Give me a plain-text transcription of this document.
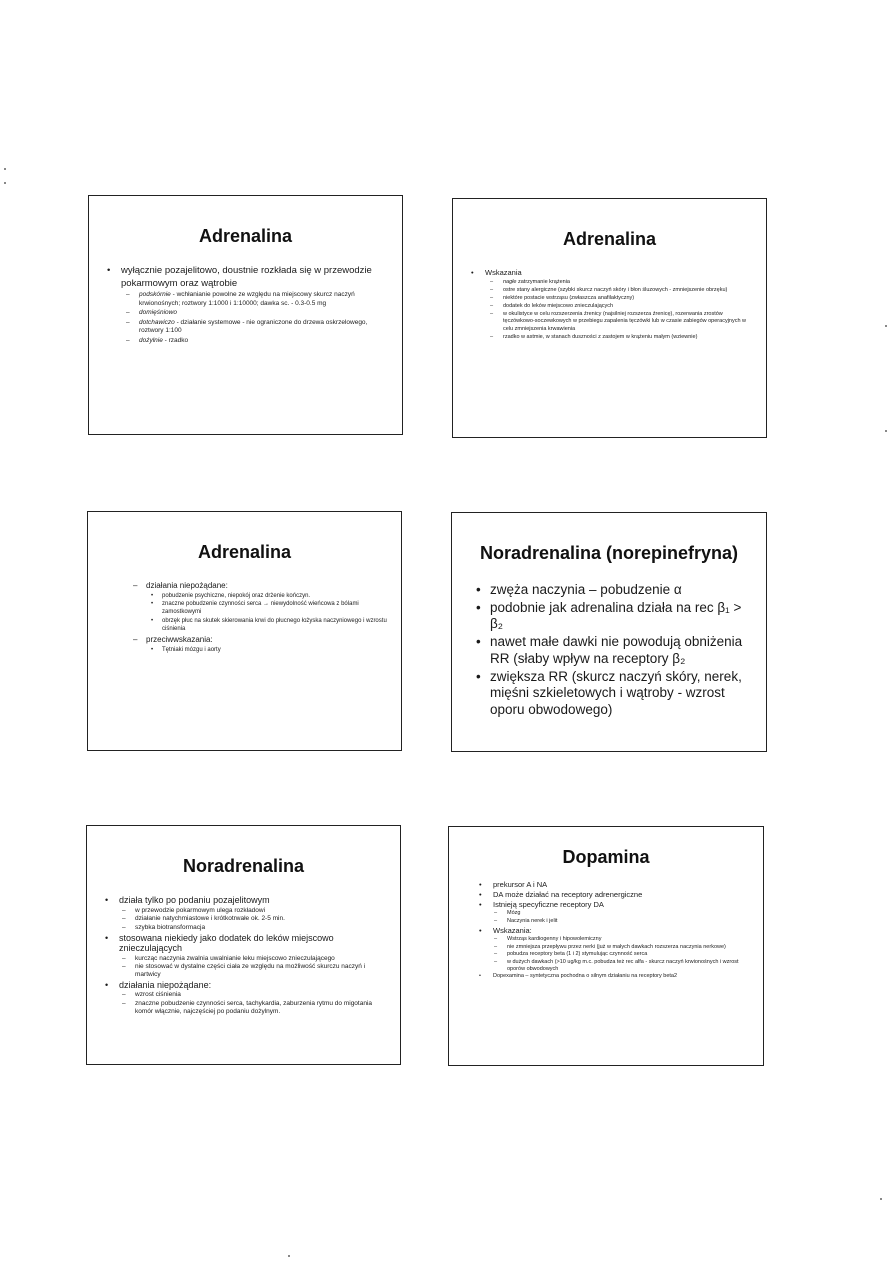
Adrenalina
• wyłącznie pozajelitowo, doustnie rozkłada się w przewodzie pokarmowym oraz wątrobie
– podskórnie - wchłanianie powolne ze względu na miejscowy skurcz naczyń krwionośnych; roztwory 1:1000 i 1:10000; dawka sc. - 0.3-0.5 mg
– domięśniowo
– dotchawiczo - działanie systemowe - nie ograniczone do drzewa oskrzelowego, roztwory 1:100
– dożylnie - rzadko
Adrenalina
• Wskazania
– nagłe zatrzymanie krążenia
– ostre stany alergiczne (szybki skurcz naczyń skóry i błon śluzowych - zmniejszenie obrzęku)
– niektóre postacie wstrząsu (zwłaszcza anafilaktyczny)
– dodatek do leków miejscowo znieczulających
– w okulistyce w celu rozszerzenia źrenicy (najsilniej rozszerza źrenicę), rozerwania zrostów tęczówkowo-soczewkowych w przebiegu zapalenia tęczówki lub w czasie zabiegów operacyjnych w celu zmniejszenia krwawienia
– rzadko w astmie, w stanach duszności z zastojem w krążeniu małym (wziewnie)
Adrenalina
– działania niepożądane:
• pobudzenie psychiczne, niepokój oraz drżenie kończyn.
• znaczne pobudzenie czynności serca → niewydolność wieńcowa z bólami zamostkowymi
• obrzęk płuc na skutek skierowania krwi do płucnego łożyska naczyniowego i wzrostu ciśnienia
– przeciwwskazania:
• Tętniaki mózgu i aorty
Noradrenalina (norepinefryna)
• zwęża naczynia – pobudzenie α
• podobnie jak adrenalina działa na rec β₁ > β₂
• nawet małe dawki nie powodują obniżenia RR (słaby wpływ na receptory β₂
• zwiększa RR (skurcz naczyń skóry, nerek, mięśni szkieletowych i wątroby - wzrost oporu obwodowego)
Noradrenalina
• działa tylko po podaniu pozajelitowym
– w przewodzie pokarmowym ulega rozkładowi
– działanie natychmiastowe i krótkotrwałe ok. 2-5 min.
– szybka biotransformacja
• stosowana niekiedy jako dodatek do leków miejscowo znieczulających
– kurcząc naczynia zwalnia uwalnianie leku miejscowo znieczulającego
– nie stosować w dystalne części ciała ze względu na możliwość skurczu naczyń i martwicy
• działania niepożądane:
– wzrost ciśnienia
– znaczne pobudzenie czynności serca, tachykardia, zaburzenia rytmu do migotania komór włącznie, najczęściej po podaniu dożylnym.
Dopamina
• prekursor A i NA
• DA może działać na receptory adrenergiczne
• Istnieją specyficzne receptory DA
– Mózg
– Naczynia nerek i jelit
• Wskazania:
– Wstrząs kardiogenny i hipowolemiczny
– nie zmniejsza przepływu przez nerki (już w małych dawkach rozszerza naczynia nerkowe)
– pobudza receptory beta (1 i 2) stymulując czynność serca
– w dużych dawkach (>10 ug/kg m.c. pobudza też rec alfa - skurcz naczyń krwionośnych i wzrost oporów obwodowych
• Dopexamina – syntetyczna pochodna o silnym działaniu na receptory beta2
